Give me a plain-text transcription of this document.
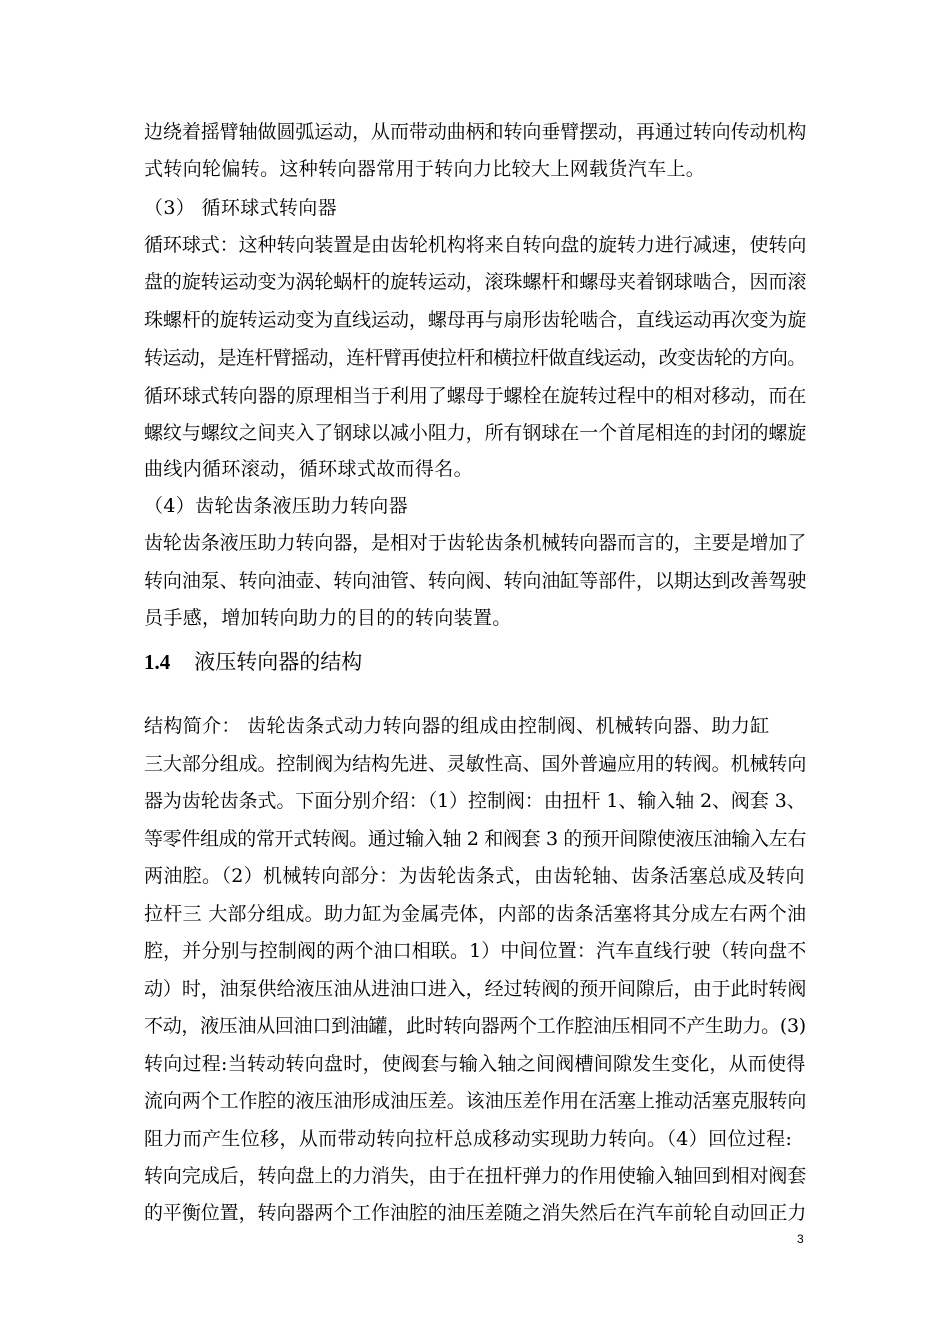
边绕着摇臂轴做圆弧运动，从而带动曲柄和转向垂臂摆动，再通过转向传动机构
式转向轮偏转。这种转向器常用于转向力比较大上网载货汽车上。
（3） 循环球式转向器
循环球式：这种转向装置是由齿轮机构将来自转向盘的旋转力进行减速，使转向
盘的旋转运动变为涡轮蜗杆的旋转运动，滚珠螺杆和螺母夹着钢球啮合，因而滚
珠螺杆的旋转运动变为直线运动，螺母再与扇形齿轮啮合，直线运动再次变为旋
转运动，是连杆臂摇动，连杆臂再使拉杆和横拉杆做直线运动，改变齿轮的方向。
循环球式转向器的原理相当于利用了螺母于螺栓在旋转过程中的相对移动，而在
螺纹与螺纹之间夹入了钢球以减小阻力，所有钢球在一个首尾相连的封闭的螺旋
曲线内循环滚动，循环球式故而得名。
（4）齿轮齿条液压助力转向器
齿轮齿条液压助力转向器，是相对于齿轮齿条机械转向器而言的，主要是增加了
转向油泵、转向油壶、转向油管、转向阀、转向油缸等部件，以期达到改善驾驶
员手感，增加转向助力的目的的转向装置。
1.4 液压转向器的结构
结构简介： 齿轮齿条式动力转向器的组成由控制阀、机械转向器、助力缸
三大部分组成。控制阀为结构先进、灵敏性高、国外普遍应用的转阀。机械转向
器为齿轮齿条式。下面分别介绍：（1）控制阀：由扭杆 1、输入轴 2、阀套 3、
等零件组成的常开式转阀。通过输入轴 2 和阀套 3 的预开间隙使液压油输入左右
两油腔。（2）机械转向部分：为齿轮齿条式，由齿轮轴、齿条活塞总成及转向
拉杆三 大部分组成。助力缸为金属壳体，内部的齿条活塞将其分成左右两个油
腔，并分别与控制阀的两个油口相联。1）中间位置：汽车直线行驶（转向盘不
动）时，油泵供给液压油从进油口进入，经过转阀的预开间隙后，由于此时转阀
不动，液压油从回油口到油罐，此时转向器两个工作腔油压相同不产生助力。(3)
转向过程:当转动转向盘时，使阀套与输入轴之间阀槽间隙发生变化，从而使得
流向两个工作腔的液压油形成油压差。该油压差作用在活塞上推动活塞克服转向
阻力而产生位移，从而带动转向拉杆总成移动实现助力转向。（4）回位过程:
转向完成后，转向盘上的力消失，由于在扭杆弹力的作用使输入轴回到相对阀套
的平衡位置，转向器两个工作油腔的油压差随之消失然后在汽车前轮自动回正力
3
